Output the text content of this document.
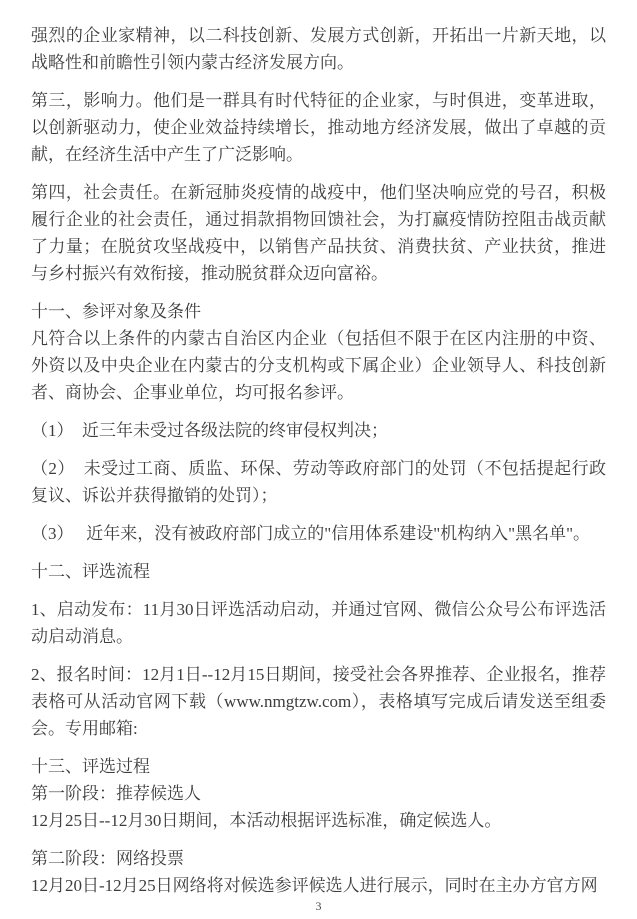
强烈的企业家精神，以二科技创新、发展方式创新，开拓出一片新天地，以战略性和前瞻性引领内蒙古经济发展方向。

第三，影响力。他们是一群具有时代特征的企业家，与时俱进，变革进取，以创新驱动力，使企业效益持续增长，推动地方经济发展，做出了卓越的贡献，在经济生活中产生了广泛影响。

第四，社会责任。在新冠肺炎疫情的战疫中，他们坚决响应党的号召，积极履行企业的社会责任，通过捐款捐物回馈社会，为打赢疫情防控阻击战贡献了力量；在脱贫攻坚战疫中，以销售产品扶贫、消费扶贫、产业扶贫，推进与乡村振兴有效衔接，推动脱贫群众迈向富裕。

十一、参评对象及条件

凡符合以上条件的内蒙古自治区内企业（包括但不限于在区内注册的中资、外资以及中央企业在内蒙古的分支机构或下属企业）企业领导人、科技创新者、商协会、企事业单位，均可报名参评。

（1）　近三年未受过各级法院的终审侵权判决；

（2）　未受过工商、质监、环保、劳动等政府部门的处罚（不包括提起行政复议、诉讼并获得撤销的处罚）；

（3）　 近年来，没有被政府部门成立的"信用体系建设"机构纳入"黑名单"。

十二、评选流程

1、启动发布：11月30日评选活动启动，并通过官网、微信公众号公布评选活动启动消息。

2、报名时间：12月1日--12月15日期间，接受社会各界推荐、企业报名，推荐表格可从活动官网下载（www.nmgtzw.com），表格填写完成后请发送至组委会。专用邮箱:

十三、评选过程

第一阶段：推荐候选人

12月25日--12月30日期间，本活动根据评选标准，确定候选人。

第二阶段：网络投票

12月20日-12月25日网络将对候选参评候选人进行展示，同时在主办方官方网

3
